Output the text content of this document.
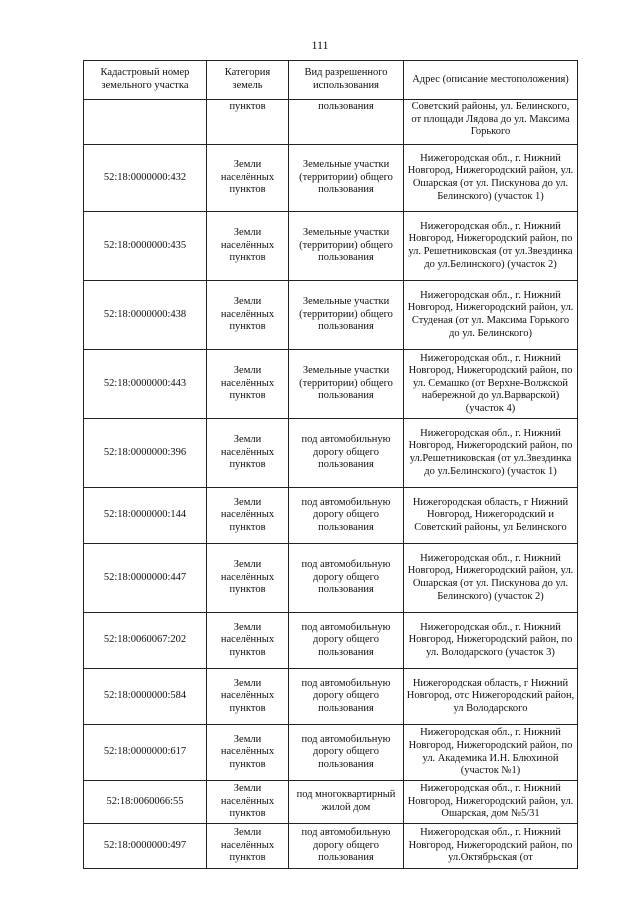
111
Кадастровый номер земельного участка	Категория земель	Вид разрешенного использования	Адрес (описание местоположения)
	пунктов	пользования	Советский районы, ул. Белинского, от площади Лядова до ул. Максима Горького
52:18:0000000:432	Земли населённых пунктов	Земельные участки (территории) общего пользования	Нижегородская обл., г. Нижний Новгород, Нижегородский район, ул. Ошарская (от ул. Пискунова до ул. Белинского) (участок 1)
52:18:0000000:435	Земли населённых пунктов	Земельные участки (территории) общего пользования	Нижегородская обл., г. Нижний Новгород, Нижегородский район, по ул. Решетниковская (от ул.Звездинка до ул.Белинского) (участок 2)
52:18:0000000:438	Земли населённых пунктов	Земельные участки (территории) общего пользования	Нижегородская обл., г. Нижний Новгород, Нижегородский район, ул. Студеная (от ул. Максима Горького до ул. Белинского)
52:18:0000000:443	Земли населённых пунктов	Земельные участки (территории) общего пользования	Нижегородская обл., г. Нижний Новгород, Нижегородский район, по ул. Семашко (от Верхне-Волжской набережной до ул.Варварской) (участок 4)
52:18:0000000:396	Земли населённых пунктов	под автомобильную дорогу общего пользования	Нижегородская обл., г. Нижний Новгород, Нижегородский район, по ул.Решетниковская (от ул.Звездинка до ул.Белинского) (участок 1)
52:18:0000000:144	Земли населённых пунктов	под автомобильную дорогу общего пользования	Нижегородская область, г Нижний Новгород, Нижегородский и Советский районы, ул Белинского
52:18:0000000:447	Земли населённых пунктов	под автомобильную дорогу общего пользования	Нижегородская обл., г. Нижний Новгород, Нижегородский район, ул. Ошарская (от ул. Пискунова до ул. Белинского) (участок 2)
52:18:0060067:202	Земли населённых пунктов	под автомобильную дорогу общего пользования	Нижегородская обл., г. Нижний Новгород, Нижегородский район, по ул. Володарского (участок 3)
52:18:0000000:584	Земли населённых пунктов	под автомобильную дорогу общего пользования	Нижегородская область, г Нижний Новгород, отс Нижегородский район, ул Володарского
52:18:0000000:617	Земли населённых пунктов	под автомобильную дорогу общего пользования	Нижегородская обл., г. Нижний Новгород, Нижегородский район, по ул. Академика И.Н. Блюхиной (участок №1)
52:18:0060066:55	Земли населённых пунктов	под многоквартирный жилой дом	Нижегородская обл., г. Нижний Новгород, Нижегородский район, ул. Ошарская, дом №5/31
52:18:0000000:497	Земли населённых пунктов	под автомобильную дорогу общего пользования	Нижегородская обл., г. Нижний Новгород, Нижегородский район, по ул.Октябрьская (от
